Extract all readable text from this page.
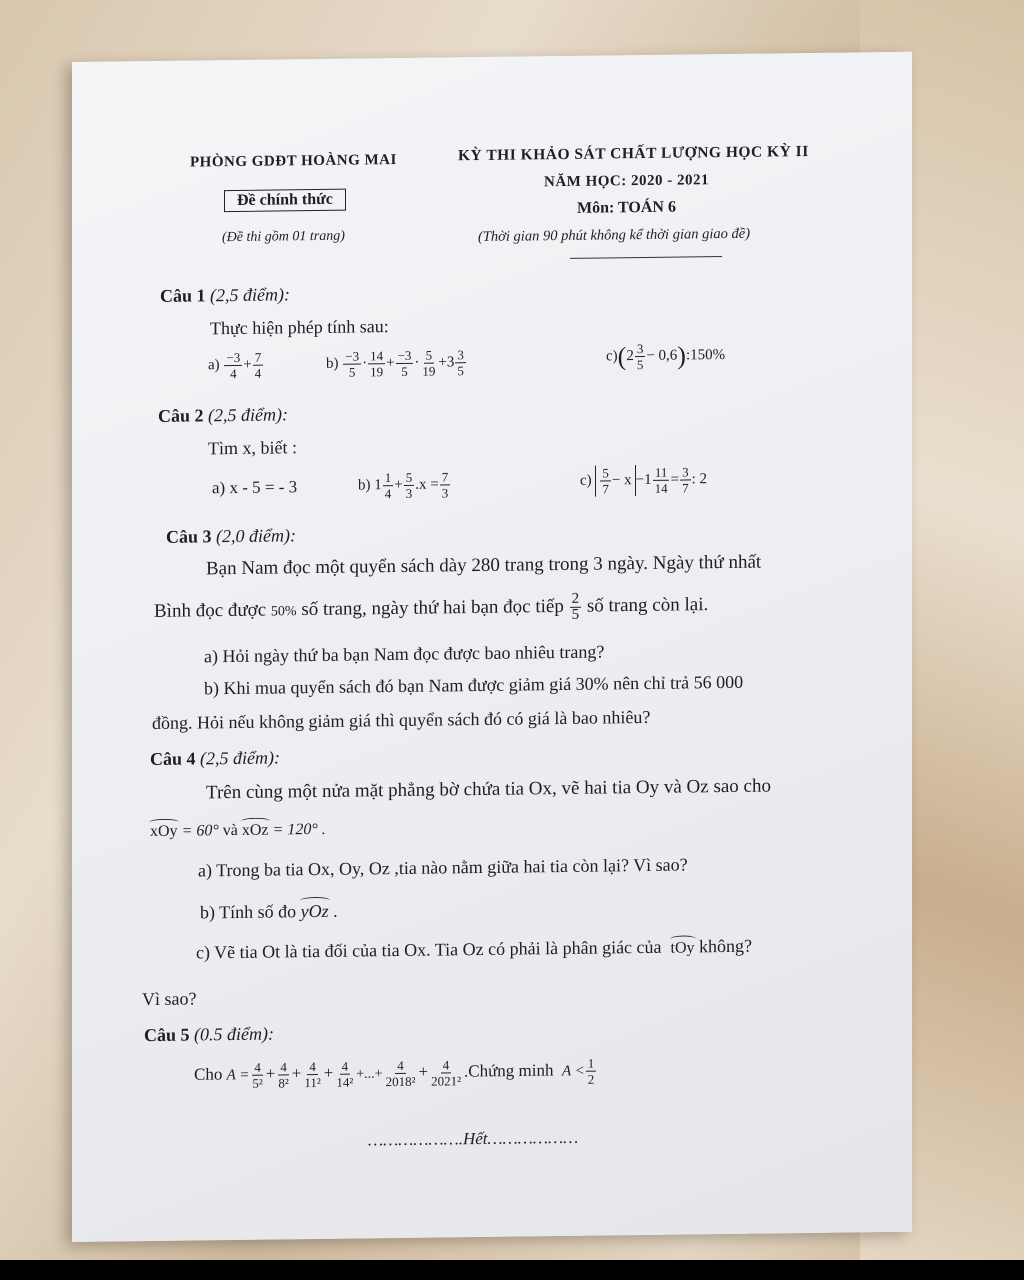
PHÒNG GDĐT HOÀNG MAI
Đề chính thức
(Đề thi gồm 01 trang)
KỲ THI KHẢO SÁT CHẤT LƯỢNG HỌC KỲ II
NĂM HỌC: 2020 - 2021
Môn: TOÁN 6
(Thời gian 90 phút không kể thời gian giao đề)
Câu 1 (2,5 điểm):
Thực hiện phép tính sau:
$a) \frac{-3}{4} + \frac{7}{4}$	$b) \frac{-3}{5} \cdot \frac{14}{19} + \frac{-3}{5} \cdot \frac{5}{19} +3 \frac{3}{5}$	$c)(2 \frac{3}{5}$ − 0,6):150%
Câu 2 (2,5 điểm):
Tìm x, biết :
a) x - 5 = - 3	b) $1 \frac{1}{4} + \frac{5}{3} .x = \frac{7}{3}$	$c) \frac{5}{7} - x -1 \frac{11}{14} = \frac{3}{7}$ : 2
Câu 3 (2,0 điểm):
Bạn Nam đọc một quyển sách dày 280 trang trong 3 ngày. Ngày thứ nhất
Bình đọc được 50% số trang, ngày thứ hai bạn đọc tiếp $\frac{2}{5}$ số trang còn lại.
a) Hỏi ngày thứ ba bạn Nam đọc được bao nhiêu trang?
b) Khi mua quyển sách đó bạn Nam được giảm giá 30% nên chỉ trả 56 000
đồng. Hỏi nếu không giảm giá thì quyển sách đó có giá là bao nhiêu?
Câu 4 (2,5 điểm):
Trên cùng một nửa mặt phẳng bờ chứa tia Ox, vẽ hai tia Oy và Oz sao cho
xOy = 60° và xOz = 120° .
a) Trong ba tia Ox, Oy, Oz ,tia nào nằm giữa hai tia còn lại? Vì sao?
b) Tính số đo yOz .
c) Vẽ tia Ot là tia đối của tia Ox. Tia Oz có phải là phân giác của tOy không?
Vì sao?
Câu 5 (0.5 điểm):
Cho $A = \frac{4}{\text{5²}} + \frac{4}{\text{8²}} + \frac{4}{\text{11²}} + \frac{4}{\text{14²}}$ +...+ $\frac{4}{\text{2018²}} + \frac{4}{\text{2021²}}$ .Chứng minh $A < \frac{1}{2}$
……………….Hết………………
